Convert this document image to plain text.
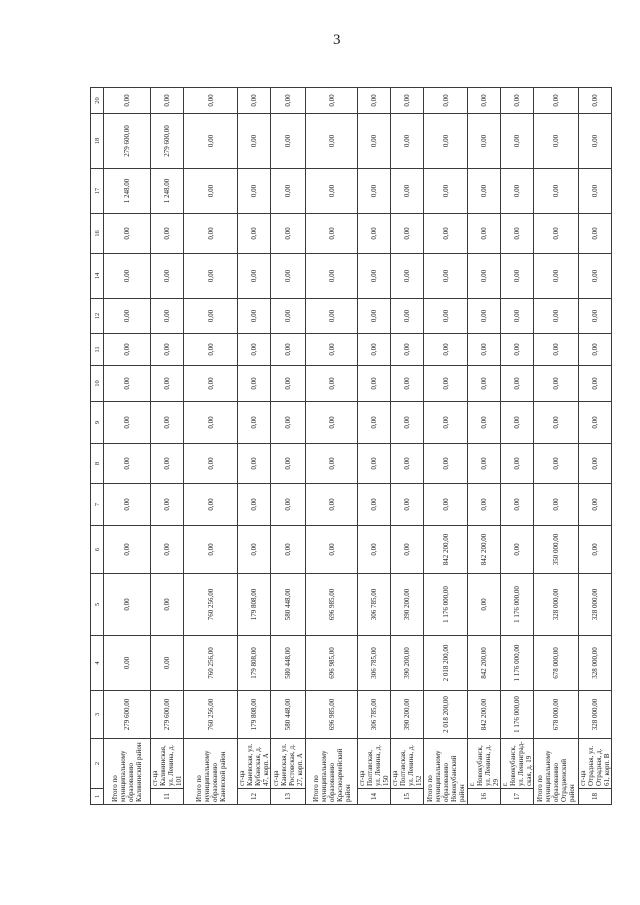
3
1	2	3	4	5	6	7	8	9	10	11	12	14	16	17	18	20
Итого по муниципальному образованию Калининский район		279 600,00	0,00	0,00	0,00	0,00	0,00	0,00	0,00	0,00	0,00	0,00	0,00	1 248,00	279 600,00	0,00
11	ст-ца Калининская, ул. Ленина, д. 101	279 600,00	0,00	0,00	0,00	0,00	0,00	0,00	0,00	0,00	0,00	0,00	0,00	1 248,00	279 600,00	0,00
Итого по муниципальному образованию Каневской район		760 256,00	760 256,00	760 256,00	0,00	0,00	0,00	0,00	0,00	0,00	0,00	0,00	0,00	0,00	0,00	0,00
12	ст-ца Каневская, ул. Кубанская, д. 47, корп. А	179 808,00	179 808,00	179 808,00	0,00	0,00	0,00	0,00	0,00	0,00	0,00	0,00	0,00	0,00	0,00	0,00
13	ст-ца Каневская, ул. Ростовская, д. 27, корп. А	580 448,00	580 448,00	580 448,00	0,00	0,00	0,00	0,00	0,00	0,00	0,00	0,00	0,00	0,00	0,00	0,00
Итого по муниципальному образованию Красноармейский район		696 985,00	696 985,00	696 985,00	0,00	0,00	0,00	0,00	0,00	0,00	0,00	0,00	0,00	0,00	0,00	0,00
14	ст-ца Полтавская, ул. Ленина, д. 150	306 785,00	306 785,00	306 785,00	0,00	0,00	0,00	0,00	0,00	0,00	0,00	0,00	0,00	0,00	0,00	0,00
15	ст-ца Полтавская, ул. Ленина, д. 152	390 200,00	390 200,00	390 200,00	0,00	0,00	0,00	0,00	0,00	0,00	0,00	0,00	0,00	0,00	0,00	0,00
Итого по муниципальному образованию Новокубанский район		2 018 200,00	2 018 200,00	1 176 000,00	842 200,00	0,00	0,00	0,00	0,00	0,00	0,00	0,00	0,00	0,00	0,00	0,00
16	г. Новокубанск, ул. Ленина, д. 29	842 200,00	842 200,00	0,00	842 200,00	0,00	0,00	0,00	0,00	0,00	0,00	0,00	0,00	0,00	0,00	0,00
17	г. Новокубанск, ул. Ленинград-ская, д. 19	1 176 000,00	1 176 000,00	1 176 000,00	0,00	0,00	0,00	0,00	0,00	0,00	0,00	0,00	0,00	0,00	0,00	0,00
Итого по муниципальному образованию Отрадненский район		678 000,00	678 000,00	328 000,00	350 000,00	0,00	0,00	0,00	0,00	0,00	0,00	0,00	0,00	0,00	0,00	0,00
18	ст-ца Отрадная, ул. Отрадная, д. 61, корп. В	328 000,00	328 000,00	328 000,00	0,00	0,00	0,00	0,00	0,00	0,00	0,00	0,00	0,00	0,00	0,00	0,00
